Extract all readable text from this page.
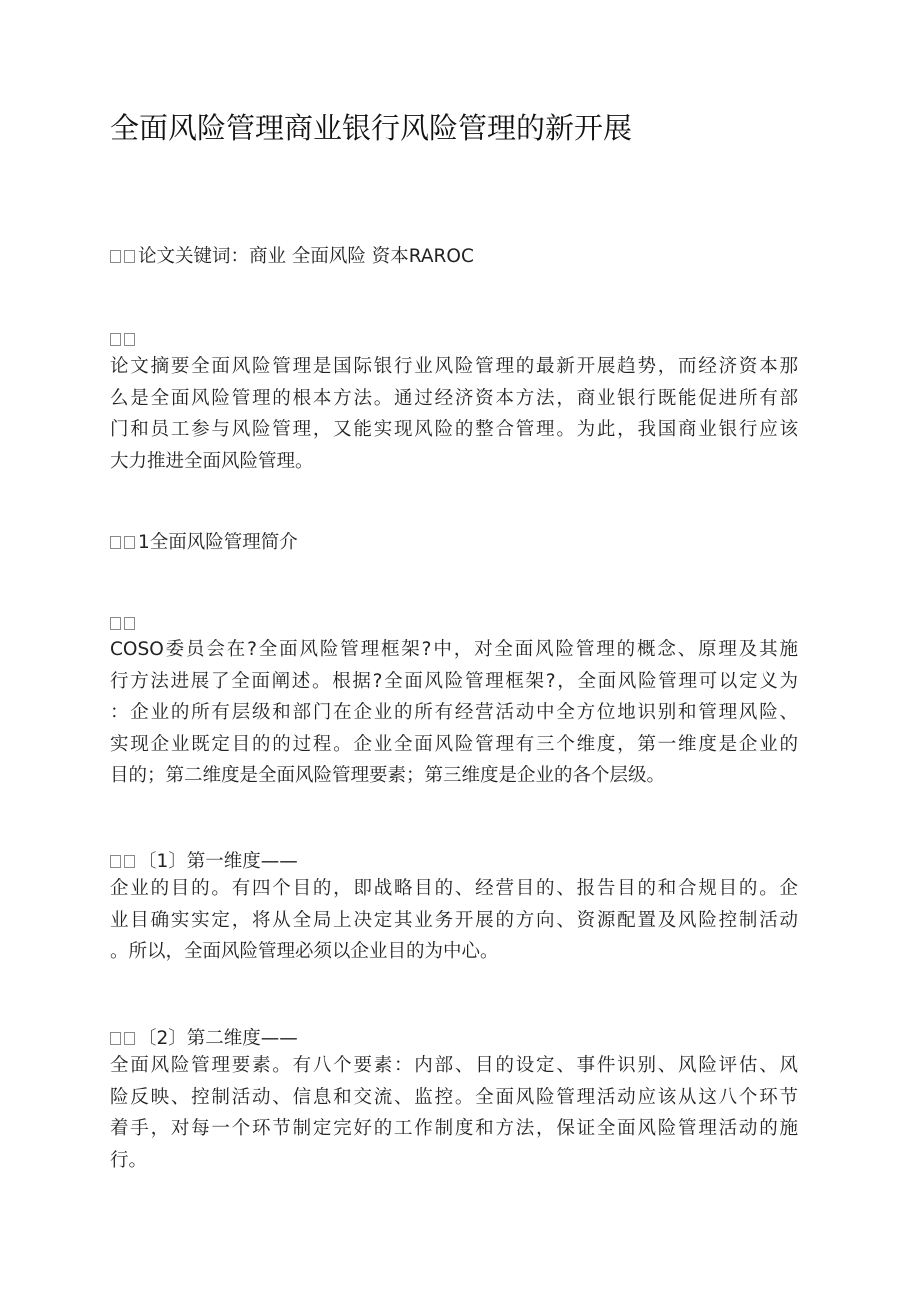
全面风险管理商业银行风险管理的新开展
论文关键词：商业 全面风险 资本RAROC
论文摘要全面风险管理是国际银行业风险管理的最新开展趋势，而经济资本那
么是全面风险管理的根本方法。通过经济资本方法，商业银行既能促进所有部
门和员工参与风险管理，又能实现风险的整合管理。为此，我国商业银行应该
大力推进全面风险管理。
1全面风险管理简介
COSO委员会在?全面风险管理框架?中，对全面风险管理的概念、原理及其施
行方法进展了全面阐述。根据?全面风险管理框架?，全面风险管理可以定义为
：企业的所有层级和部门在企业的所有经营活动中全方位地识别和管理风险、
实现企业既定目的的过程。企业全面风险管理有三个维度，第一维度是企业的
目的；第二维度是全面风险管理要素；第三维度是企业的各个层级。
〔1〕第一维度——
企业的目的。有四个目的，即战略目的、经营目的、报告目的和合规目的。企
业目确实实定，将从全局上决定其业务开展的方向、资源配置及风险控制活动
。所以，全面风险管理必须以企业目的为中心。
〔2〕第二维度——
全面风险管理要素。有八个要素：内部、目的设定、事件识别、风险评估、风
险反映、控制活动、信息和交流、监控。全面风险管理活动应该从这八个环节
着手，对每一个环节制定完好的工作制度和方法，保证全面风险管理活动的施
行。
